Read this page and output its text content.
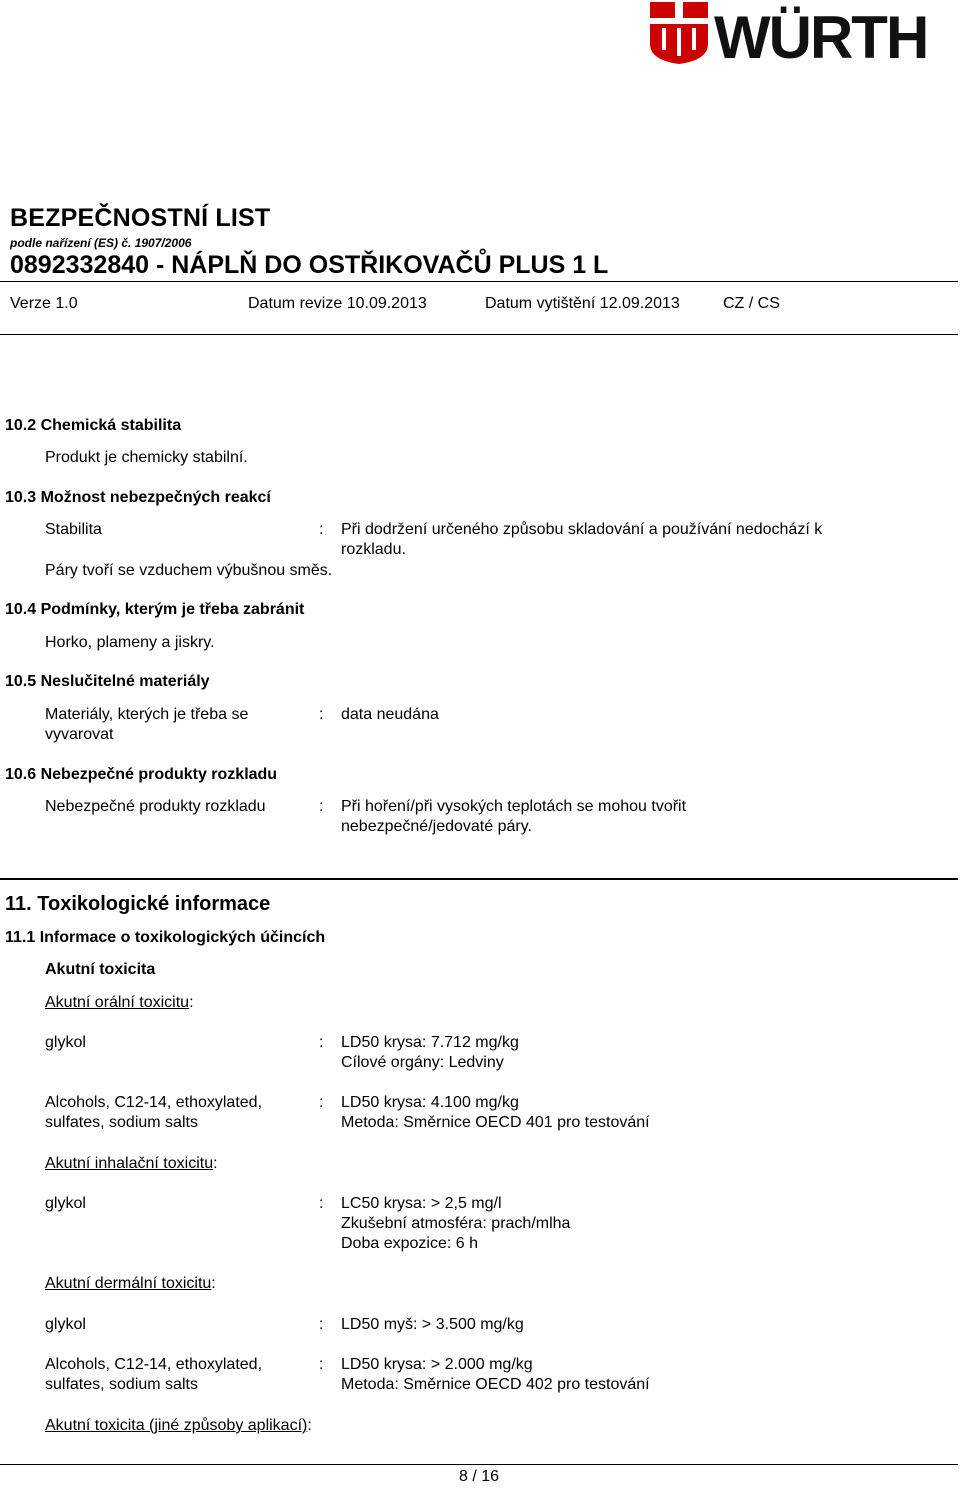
WÜRTH
BEZPEČNOSTNÍ LIST
podle nařízení (ES) č. 1907/2006
0892332840 - NÁPLŇ DO OSTŘIKOVAČŮ PLUS 1 L
Verze 1.0	Datum revize 10.09.2013	Datum vytištění 12.09.2013	CZ / CS
10.2 Chemická stabilita
Produkt je chemicky stabilní.
10.3 Možnost nebezpečných reakcí
Stabilita	: Při dodržení určeného způsobu skladování a používání nedochází k
rozkladu.
Páry tvoří se vzduchem výbušnou směs.
10.4 Podmínky, kterým je třeba zabránit
Horko, plameny a jiskry.
10.5 Neslučitelné materiály
Materiály, kterých je třeba se
vyvarovat
: data neudána
10.6 Nebezpečné produkty rozkladu
Nebezpečné produkty rozkladu	: Při hoření/při vysokých teplotách se mohou tvořit
nebezpečné/jedovaté páry.
11. Toxikologické informace
11.1 Informace o toxikologických účincích
Akutní toxicita
Akutní orální toxicitu:
glykol	: LD50 krysa: 7.712 mg/kg
Cílové orgány: Ledviny
Alcohols, C12-14, ethoxylated,
sulfates, sodium salts
: LD50 krysa: 4.100 mg/kg
Metoda: Směrnice OECD 401 pro testování
Akutní inhalační toxicitu:
glykol	: LC50 krysa: > 2,5 mg/l
Zkušební atmosféra: prach/mlha
Doba expozice: 6 h
Akutní dermální toxicitu:
glykol	: LD50 myš: > 3.500 mg/kg
Alcohols, C12-14, ethoxylated,
sulfates, sodium salts
: LD50 krysa: > 2.000 mg/kg
Metoda: Směrnice OECD 402 pro testování
Akutní toxicita (jiné způsoby aplikací):
8 / 16
